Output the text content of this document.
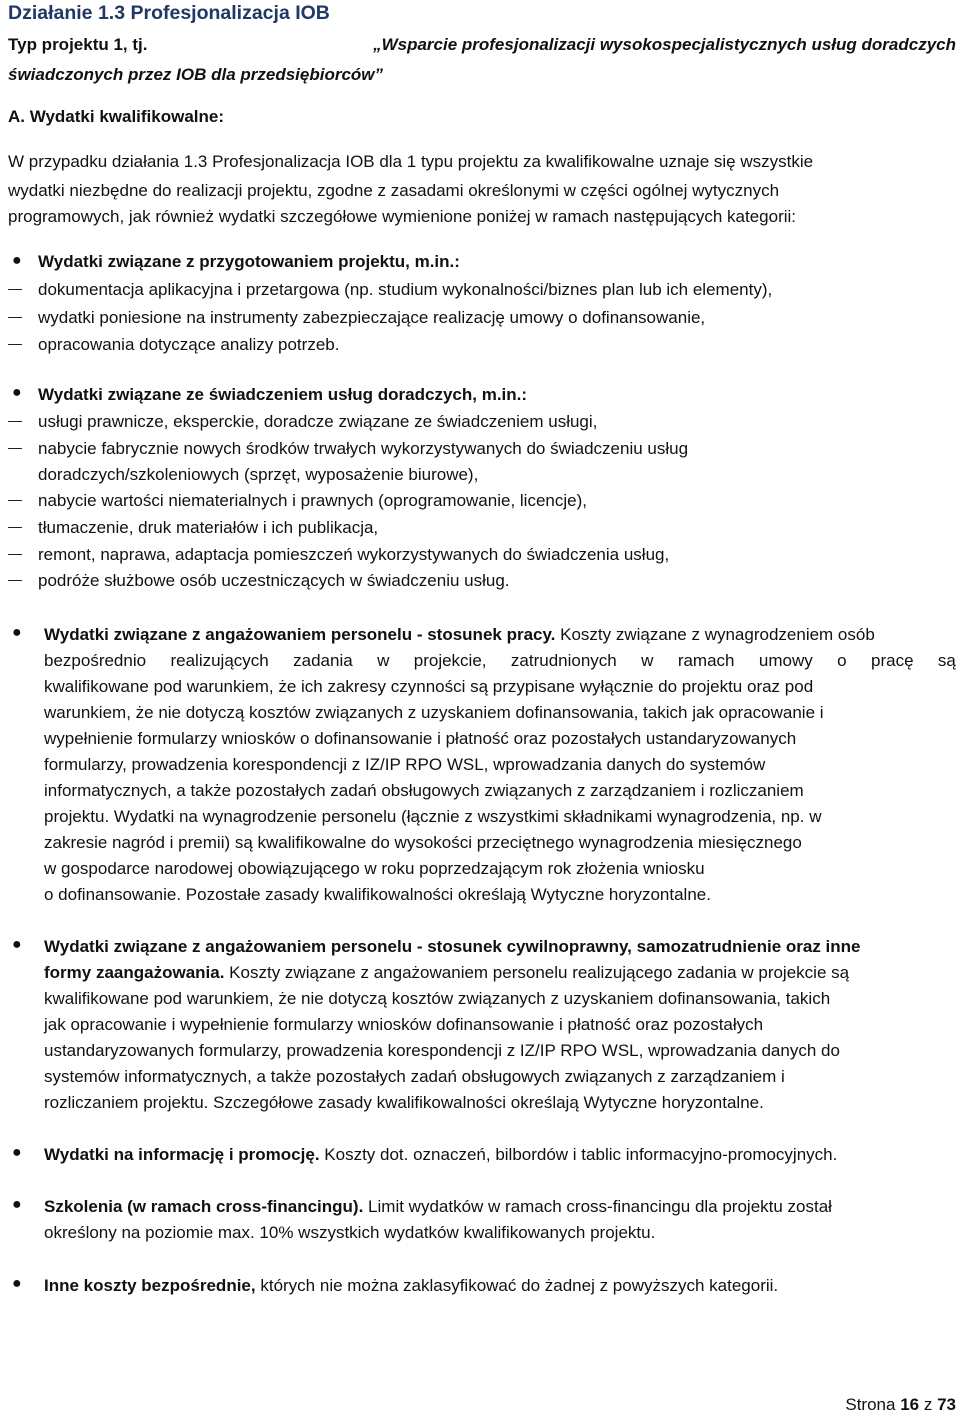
Działanie 1.3 Profesjonalizacja IOB
Typ projektu 1, tj.	„Wsparcie profesjonalizacji wysokospecjalistycznych usług doradczych
świadczonych przez IOB dla przedsiębiorców”
A. Wydatki kwalifikowalne:
W przypadku działania 1.3 Profesjonalizacja IOB dla 1 typu projektu za kwalifikowalne uznaje się wszystkie
wydatki niezbędne do realizacji projektu, zgodne z zasadami określonymi w części ogólnej wytycznych
programowych, jak również wydatki szczegółowe wymienione poniżej w ramach następujących kategorii:
● Wydatki związane z przygotowaniem projektu, m.in.:
dokumentacja aplikacyjna i przetargowa (np. studium wykonalności/biznes plan lub ich elementy),
wydatki poniesione na instrumenty zabezpieczające realizację umowy o dofinansowanie,
opracowania dotyczące analizy potrzeb.
● Wydatki związane ze świadczeniem usług doradczych, m.in.:
usługi prawnicze, eksperckie, doradcze związane ze świadczeniem usługi,
nabycie fabrycznie nowych środków trwałych wykorzystywanych do świadczeniu usług
doradczych/szkoleniowych (sprzęt, wyposażenie biurowe),
nabycie wartości niematerialnych i prawnych (oprogramowanie, licencje),
tłumaczenie, druk materiałów i ich publikacja,
remont, naprawa, adaptacja pomieszczeń wykorzystywanych do świadczenia usług,
podróże służbowe osób uczestniczących w świadczeniu usług.
● Wydatki związane z angażowaniem personelu - stosunek pracy. Koszty związane z wynagrodzeniem osób
bezpośrednio realizujących zadania w projekcie, zatrudnionych w ramach umowy o pracę są
kwalifikowane pod warunkiem, że ich zakresy czynności są przypisane wyłącznie do projektu oraz pod
warunkiem, że nie dotyczą kosztów związanych z uzyskaniem dofinansowania, takich jak opracowanie i
wypełnienie formularzy wniosków o dofinansowanie i płatność oraz pozostałych ustandaryzowanych
formularzy, prowadzenia korespondencji z IZ/IP RPO WSL, wprowadzania danych do systemów
informatycznych, a także pozostałych zadań obsługowych związanych z zarządzaniem i rozliczaniem
projektu. Wydatki na wynagrodzenie personelu (łącznie z wszystkimi składnikami wynagrodzenia, np. w
zakresie nagród i premii) są kwalifikowalne do wysokości przeciętnego wynagrodzenia miesięcznego
w gospodarce narodowej obowiązującego w roku poprzedzającym rok złożenia wniosku
o dofinansowanie. Pozostałe zasady kwalifikowalności określają Wytyczne horyzontalne.
● Wydatki związane z angażowaniem personelu - stosunek cywilnoprawny, samozatrudnienie oraz inne
formy zaangażowania. Koszty związane z angażowaniem personelu realizującego zadania w projekcie są
kwalifikowane pod warunkiem, że nie dotyczą kosztów związanych z uzyskaniem dofinansowania, takich
jak opracowanie i wypełnienie formularzy wniosków dofinansowanie i płatność oraz pozostałych
ustandaryzowanych formularzy, prowadzenia korespondencji z IZ/IP RPO WSL, wprowadzania danych do
systemów informatycznych, a także pozostałych zadań obsługowych związanych z zarządzaniem i
rozliczaniem projektu. Szczegółowe zasady kwalifikowalności określają Wytyczne horyzontalne.
● Wydatki na informację i promocję. Koszty dot. oznaczeń, bilbordów i tablic informacyjno-promocyjnych.
● Szkolenia (w ramach cross-financingu). Limit wydatków w ramach cross-financingu dla projektu został
określony na poziomie max. 10% wszystkich wydatków kwalifikowanych projektu.
● Inne koszty bezpośrednie, których nie można zaklasyfikować do żadnej z powyższych kategorii.
Strona 16 z 73
